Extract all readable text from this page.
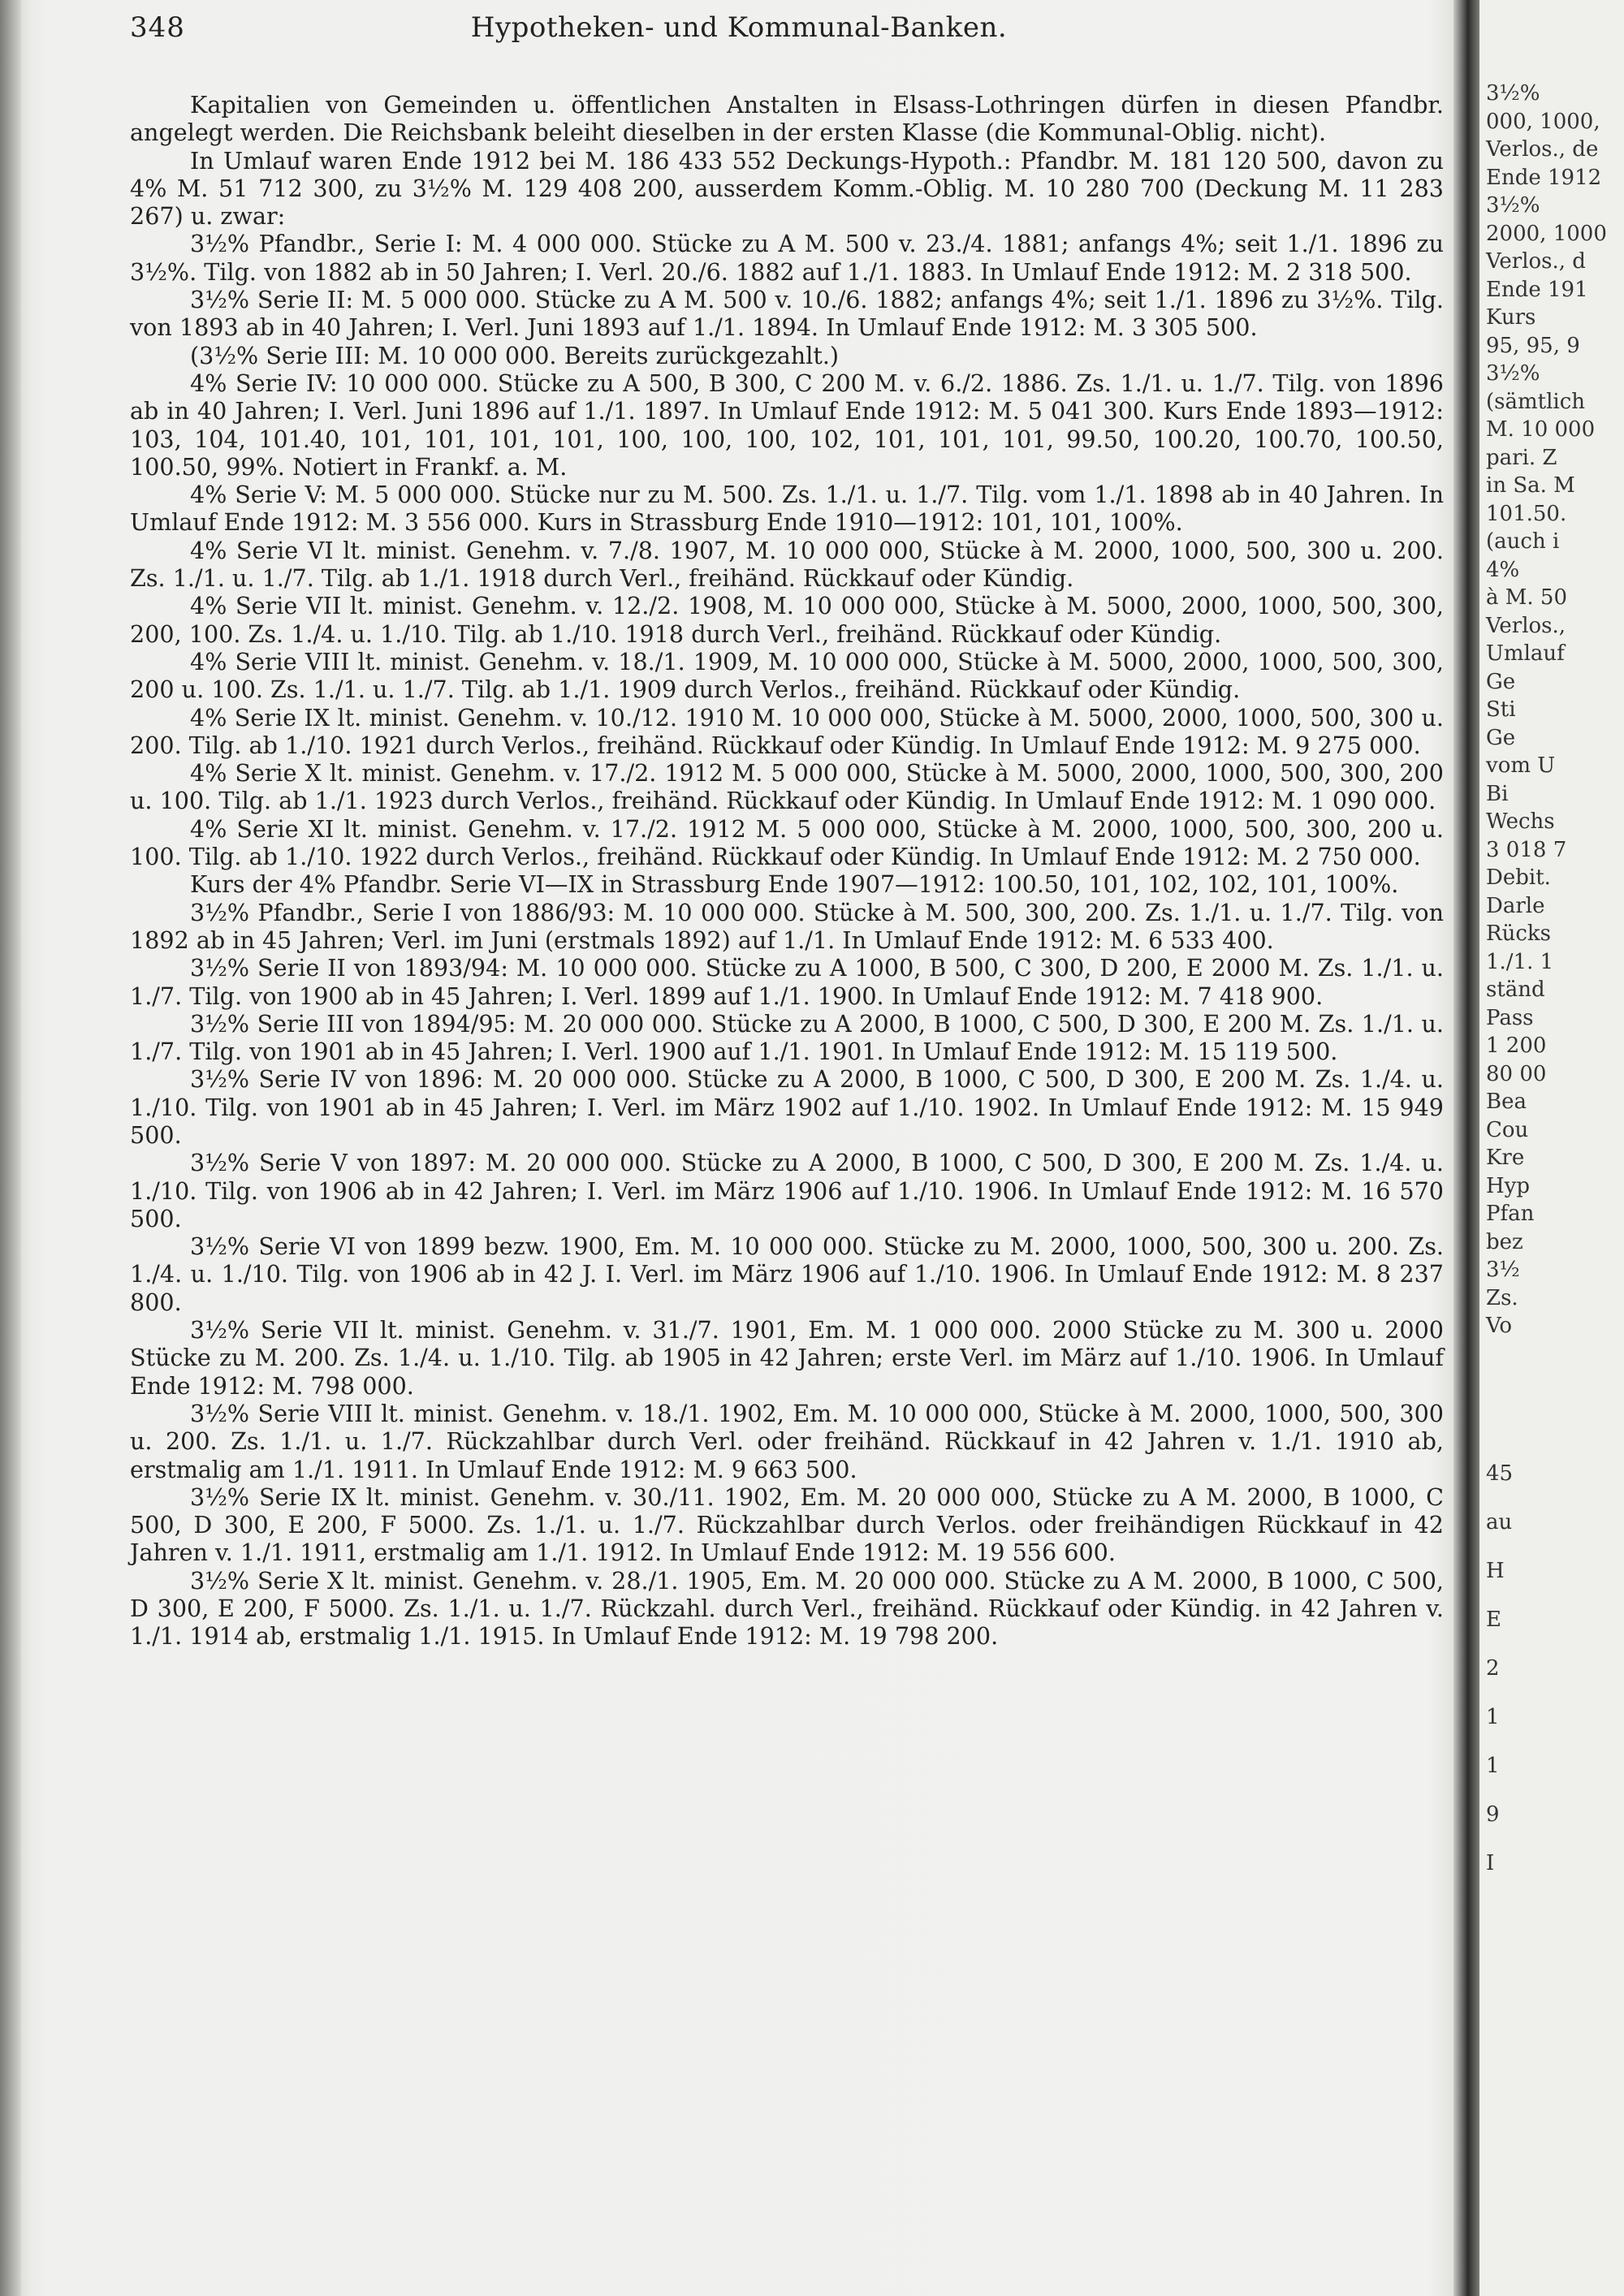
348	Hypotheken- und Kommunal-Banken.

Kapitalien von Gemeinden u. öffentlichen Anstalten in Elsass-Lothringen dürfen in diesen Pfandbr. angelegt werden. Die Reichsbank beleiht dieselben in der ersten Klasse (die Kommunal-Oblig. nicht).

In Umlauf waren Ende 1912 bei M. 186 433 552 Deckungs-Hypoth.: Pfandbr. M. 181 120 500, davon zu 4% M. 51 712 300, zu 3½% M. 129 408 200, ausserdem Komm.-Oblig. M. 10 280 700 (Deckung M. 11 283 267) u. zwar:

3½% Pfandbr., Serie I: M. 4 000 000. Stücke zu A M. 500 v. 23./4. 1881; anfangs 4%; seit 1./1. 1896 zu 3½%. Tilg. von 1882 ab in 50 Jahren; I. Verl. 20./6. 1882 auf 1./1. 1883. In Umlauf Ende 1912: M. 2 318 500.

3½% Serie II: M. 5 000 000. Stücke zu A M. 500 v. 10./6. 1882; anfangs 4%; seit 1./1. 1896 zu 3½%. Tilg. von 1893 ab in 40 Jahren; I. Verl. Juni 1893 auf 1./1. 1894. In Umlauf Ende 1912: M. 3 305 500.

(3½% Serie III: M. 10 000 000. Bereits zurückgezahlt.)

4% Serie IV: 10 000 000. Stücke zu A 500, B 300, C 200 M. v. 6./2. 1886. Zs. 1./1. u. 1./7. Tilg. von 1896 ab in 40 Jahren; I. Verl. Juni 1896 auf 1./1. 1897. In Umlauf Ende 1912: M. 5 041 300. Kurs Ende 1893—1912: 103, 104, 101.40, 101, 101, 101, 101, 100, 100, 100, 102, 101, 101, 101, 99.50, 100.20, 100.70, 100.50, 100.50, 99%. Notiert in Frankf. a. M.

4% Serie V: M. 5 000 000. Stücke nur zu M. 500. Zs. 1./1. u. 1./7. Tilg. vom 1./1. 1898 ab in 40 Jahren. In Umlauf Ende 1912: M. 3 556 000. Kurs in Strassburg Ende 1910—1912: 101, 101, 100%.

4% Serie VI lt. minist. Genehm. v. 7./8. 1907, M. 10 000 000, Stücke à M. 2000, 1000, 500, 300 u. 200. Zs. 1./1. u. 1./7. Tilg. ab 1./1. 1918 durch Verl., freihänd. Rückkauf oder Kündig.

4% Serie VII lt. minist. Genehm. v. 12./2. 1908, M. 10 000 000, Stücke à M. 5000, 2000, 1000, 500, 300, 200, 100. Zs. 1./4. u. 1./10. Tilg. ab 1./10. 1918 durch Verl., freihänd. Rückkauf oder Kündig.

4% Serie VIII lt. minist. Genehm. v. 18./1. 1909, M. 10 000 000, Stücke à M. 5000, 2000, 1000, 500, 300, 200 u. 100. Zs. 1./1. u. 1./7. Tilg. ab 1./1. 1909 durch Verlos., freihänd. Rückkauf oder Kündig.

4% Serie IX lt. minist. Genehm. v. 10./12. 1910 M. 10 000 000, Stücke à M. 5000, 2000, 1000, 500, 300 u. 200. Tilg. ab 1./10. 1921 durch Verlos., freihänd. Rückkauf oder Kündig. In Umlauf Ende 1912: M. 9 275 000.

4% Serie X lt. minist. Genehm. v. 17./2. 1912 M. 5 000 000, Stücke à M. 5000, 2000, 1000, 500, 300, 200 u. 100. Tilg. ab 1./1. 1923 durch Verlos., freihänd. Rückkauf oder Kündig. In Umlauf Ende 1912: M. 1 090 000.

4% Serie XI lt. minist. Genehm. v. 17./2. 1912 M. 5 000 000, Stücke à M. 2000, 1000, 500, 300, 200 u. 100. Tilg. ab 1./10. 1922 durch Verlos., freihänd. Rückkauf oder Kündig. In Umlauf Ende 1912: M. 2 750 000.

Kurs der 4% Pfandbr. Serie VI—IX in Strassburg Ende 1907—1912: 100.50, 101, 102, 102, 101, 100%.

3½% Pfandbr., Serie I von 1886/93: M. 10 000 000. Stücke à M. 500, 300, 200. Zs. 1./1. u. 1./7. Tilg. von 1892 ab in 45 Jahren; Verl. im Juni (erstmals 1892) auf 1./1. In Umlauf Ende 1912: M. 6 533 400.

3½% Serie II von 1893/94: M. 10 000 000. Stücke zu A 1000, B 500, C 300, D 200, E 2000 M. Zs. 1./1. u. 1./7. Tilg. von 1900 ab in 45 Jahren; I. Verl. 1899 auf 1./1. 1900. In Umlauf Ende 1912: M. 7 418 900.

3½% Serie III von 1894/95: M. 20 000 000. Stücke zu A 2000, B 1000, C 500, D 300, E 200 M. Zs. 1./1. u. 1./7. Tilg. von 1901 ab in 45 Jahren; I. Verl. 1900 auf 1./1. 1901. In Umlauf Ende 1912: M. 15 119 500.

3½% Serie IV von 1896: M. 20 000 000. Stücke zu A 2000, B 1000, C 500, D 300, E 200 M. Zs. 1./4. u. 1./10. Tilg. von 1901 ab in 45 Jahren; I. Verl. im März 1902 auf 1./10. 1902. In Umlauf Ende 1912: M. 15 949 500.

3½% Serie V von 1897: M. 20 000 000. Stücke zu A 2000, B 1000, C 500, D 300, E 200 M. Zs. 1./4. u. 1./10. Tilg. von 1906 ab in 42 Jahren; I. Verl. im März 1906 auf 1./10. 1906. In Umlauf Ende 1912: M. 16 570 500.

3½% Serie VI von 1899 bezw. 1900, Em. M. 10 000 000. Stücke zu M. 2000, 1000, 500, 300 u. 200. Zs. 1./4. u. 1./10. Tilg. von 1906 ab in 42 J. I. Verl. im März 1906 auf 1./10. 1906. In Umlauf Ende 1912: M. 8 237 800.

3½% Serie VII lt. minist. Genehm. v. 31./7. 1901, Em. M. 1 000 000. 2000 Stücke zu M. 300 u. 2000 Stücke zu M. 200. Zs. 1./4. u. 1./10. Tilg. ab 1905 in 42 Jahren; erste Verl. im März auf 1./10. 1906. In Umlauf Ende 1912: M. 798 000.

3½% Serie VIII lt. minist. Genehm. v. 18./1. 1902, Em. M. 10 000 000, Stücke à M. 2000, 1000, 500, 300 u. 200. Zs. 1./1. u. 1./7. Rückzahlbar durch Verl. oder freihänd. Rückkauf in 42 Jahren v. 1./1. 1910 ab, erstmalig am 1./1. 1911. In Umlauf Ende 1912: M. 9 663 500.

3½% Serie IX lt. minist. Genehm. v. 30./11. 1902, Em. M. 20 000 000, Stücke zu A M. 2000, B 1000, C 500, D 300, E 200, F 5000. Zs. 1./1. u. 1./7. Rückzahlbar durch Verlos. oder freihändigen Rückkauf in 42 Jahren v. 1./1. 1911, erstmalig am 1./1. 1912. In Umlauf Ende 1912: M. 19 556 600.

3½% Serie X lt. minist. Genehm. v. 28./1. 1905, Em. M. 20 000 000. Stücke zu A M. 2000, B 1000, C 500, D 300, E 200, F 5000. Zs. 1./1. u. 1./7. Rückzahl. durch Verl., freihänd. Rückkauf oder Kündig. in 42 Jahren v. 1./1. 1914 ab, erstmalig 1./1. 1915. In Umlauf Ende 1912: M. 19 798 200.

3½%
000, 1000,
Verlos., de
Ende 1912
3½%
2000, 1000
Verlos., d
Ende 191
Kurs
95, 95, 9
3½%
(sämtlich
M. 10 000
pari. Z
in Sa. M
101.50.
(auch i
4%
à M. 50
Verlos.,
Umlauf
Ge
Sti
Ge
vom U
Bi
Wechs
3 018 7
Debit.
Darle
Rücks
1./1. 1
ständ
Pass
1 200
80 00
Bea
Cou
Kre
Hyp
Pfan
bez
3½
Zs.
Vo
45
au
H
E
2
1
1
9
I
